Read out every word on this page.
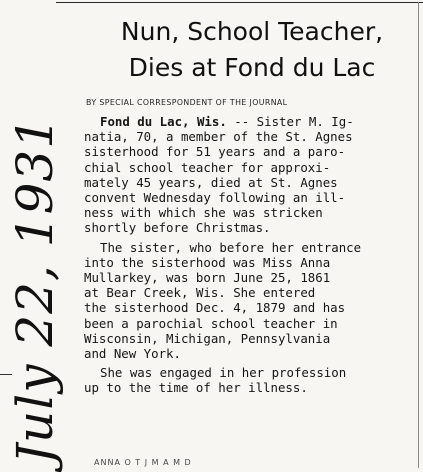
July 22, 1931
Nun, School Teacher,
Dies at Fond du Lac
BY SPECIAL CORRESPONDENT OF THE JOURNAL
Fond du Lac, Wis. -- Sister M. Ig-
natia, 70, a member of the St. Agnes
sisterhood for 51 years and a paro-
chial school teacher for approxi-
mately 45 years, died at St. Agnes
convent Wednesday following an ill-
ness with which she was stricken
shortly before Christmas.
The sister, who before her entrance
into the sisterhood was Miss Anna
Mullarkey, was born June 25, 1861
at Bear Creek, Wis. She entered
the sisterhood Dec. 4, 1879 and has
been a parochial school teacher in
Wisconsin, Michigan, Pennsylvania
and New York.
She was engaged in her profession
up to the time of her illness.
ANNA O T J M A M D
